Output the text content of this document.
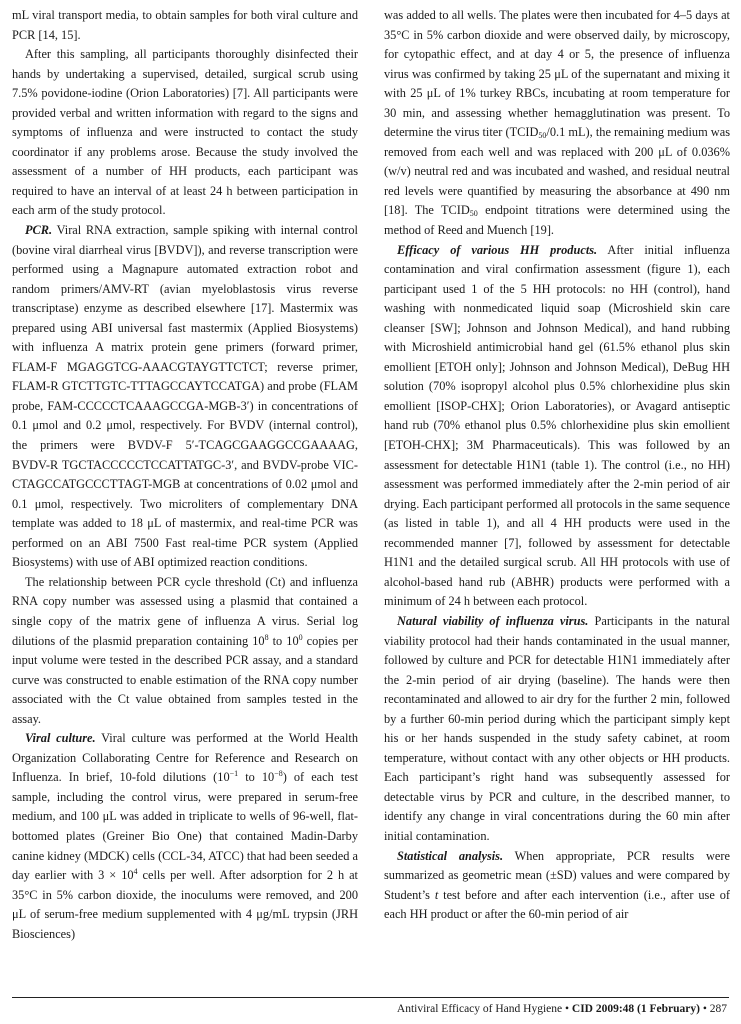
mL viral transport media, to obtain samples for both viral culture and PCR [14, 15].

After this sampling, all participants thoroughly disinfected their hands by undertaking a supervised, detailed, surgical scrub using 7.5% povidone-iodine (Orion Laboratories) [7]. All participants were provided verbal and written information with regard to the signs and symptoms of influenza and were instructed to contact the study coordinator if any problems arose. Because the study involved the assessment of a number of HH products, each participant was required to have an interval of at least 24 h between participation in each arm of the study protocol.

PCR. Viral RNA extraction, sample spiking with internal control (bovine viral diarrheal virus [BVDV]), and reverse transcription were performed using a Magnapure automated extraction robot and random primers/AMV-RT (avian myeloblastosis virus reverse transcriptase) enzyme as described elsewhere [17]. Mastermix was prepared using ABI universal fast mastermix (Applied Biosystems) with influenza A matrix protein gene primers (forward primer, FLAM-F MGAGGTCG-AAACGTAYGTTCTCT; reverse primer, FLAM-R GTCTTGTC-TTTAGCCAYTCCATGA) and probe (FLAM probe, FAM-CCCCCTCAAAGCCGA-MGB-3′) in concentrations of 0.1 μmol and 0.2 μmol, respectively. For BVDV (internal control), the primers were BVDV-F 5′-TCAGCGAAGGCCGAAAAG, BVDV-R TGCTACCCCCTCCATTATGC-3′, and BVDV-probe VIC-CTAGCCATGCCCTTAGT-MGB at concentrations of 0.02 μmol and 0.1 μmol, respectively. Two microliters of complementary DNA template was added to 18 μL of mastermix, and real-time PCR was performed on an ABI 7500 Fast real-time PCR system (Applied Biosystems) with use of ABI optimized reaction conditions.

The relationship between PCR cycle threshold (Ct) and influenza RNA copy number was assessed using a plasmid that contained a single copy of the matrix gene of influenza A virus. Serial log dilutions of the plasmid preparation containing $10^8$ to $10^0$ copies per input volume were tested in the described PCR assay, and a standard curve was constructed to enable estimation of the RNA copy number associated with the Ct value obtained from samples tested in the assay.

Viral culture. Viral culture was performed at the World Health Organization Collaborating Centre for Reference and Research on Influenza. In brief, 10-fold dilutions ($10^{-1}$ to $10^{-8}$) of each test sample, including the control virus, were prepared in serum-free medium, and 100 μL was added in triplicate to wells of 96-well, flat-bottomed plates (Greiner Bio One) that contained Madin-Darby canine kidney (MDCK) cells (CCL-34, ATCC) that had been seeded a day earlier with $3 \times 10^4$ cells per well. After adsorption for 2 h at 35°C in 5% carbon dioxide, the inoculums were removed, and 200 μL of serum-free medium supplemented with 4 μg/mL trypsin (JRH Biosciences)

was added to all wells. The plates were then incubated for 4–5 days at 35°C in 5% carbon dioxide and were observed daily, by microscopy, for cytopathic effect, and at day 4 or 5, the presence of influenza virus was confirmed by taking 25 μL of the supernatant and mixing it with 25 μL of 1% turkey RBCs, incubating at room temperature for 30 min, and assessing whether hemagglutination was present. To determine the virus titer ($TCID_{50}/0.1$ mL), the remaining medium was removed from each well and was replaced with 200 μL of 0.036% (w/v) neutral red and was incubated and washed, and residual neutral red levels were quantified by measuring the absorbance at 490 nm [18]. The $TCID_{50}$ endpoint titrations were determined using the method of Reed and Muench [19].

Efficacy of various HH products. After initial influenza contamination and viral confirmation assessment (figure 1), each participant used 1 of the 5 HH protocols: no HH (control), hand washing with nonmedicated liquid soap (Microshield skin care cleanser [SW]; Johnson and Johnson Medical), and hand rubbing with Microshield antimicrobial hand gel (61.5% ethanol plus skin emollient [ETOH only]; Johnson and Johnson Medical), DeBug HH solution (70% isopropyl alcohol plus 0.5% chlorhexidine plus skin emollient [ISOP-CHX]; Orion Laboratories), or Avagard antiseptic hand rub (70% ethanol plus 0.5% chlorhexidine plus skin emollient [ETOH-CHX]; 3M Pharmaceuticals). This was followed by an assessment for detectable H1N1 (table 1). The control (i.e., no HH) assessment was performed immediately after the 2-min period of air drying. Each participant performed all protocols in the same sequence (as listed in table 1), and all 4 HH products were used in the recommended manner [7], followed by assessment for detectable H1N1 and the detailed surgical scrub. All HH protocols with use of alcohol-based hand rub (ABHR) products were performed with a minimum of 24 h between each protocol.

Natural viability of influenza virus. Participants in the natural viability protocol had their hands contaminated in the usual manner, followed by culture and PCR for detectable H1N1 immediately after the 2-min period of air drying (baseline). The hands were then recontaminated and allowed to air dry for the further 2 min, followed by a further 60-min period during which the participant simply kept his or her hands suspended in the study safety cabinet, at room temperature, without contact with any other objects or HH products. Each participant’s right hand was subsequently assessed for detectable virus by PCR and culture, in the described manner, to identify any change in viral concentrations during the 60 min after initial contamination.

Statistical analysis. When appropriate, PCR results were summarized as geometric mean (±SD) values and were compared by Student’s t test before and after each intervention (i.e., after use of each HH product or after the 60-min period of air

Antiviral Efficacy of Hand Hygiene • CID 2009:48 (1 February) • 287
